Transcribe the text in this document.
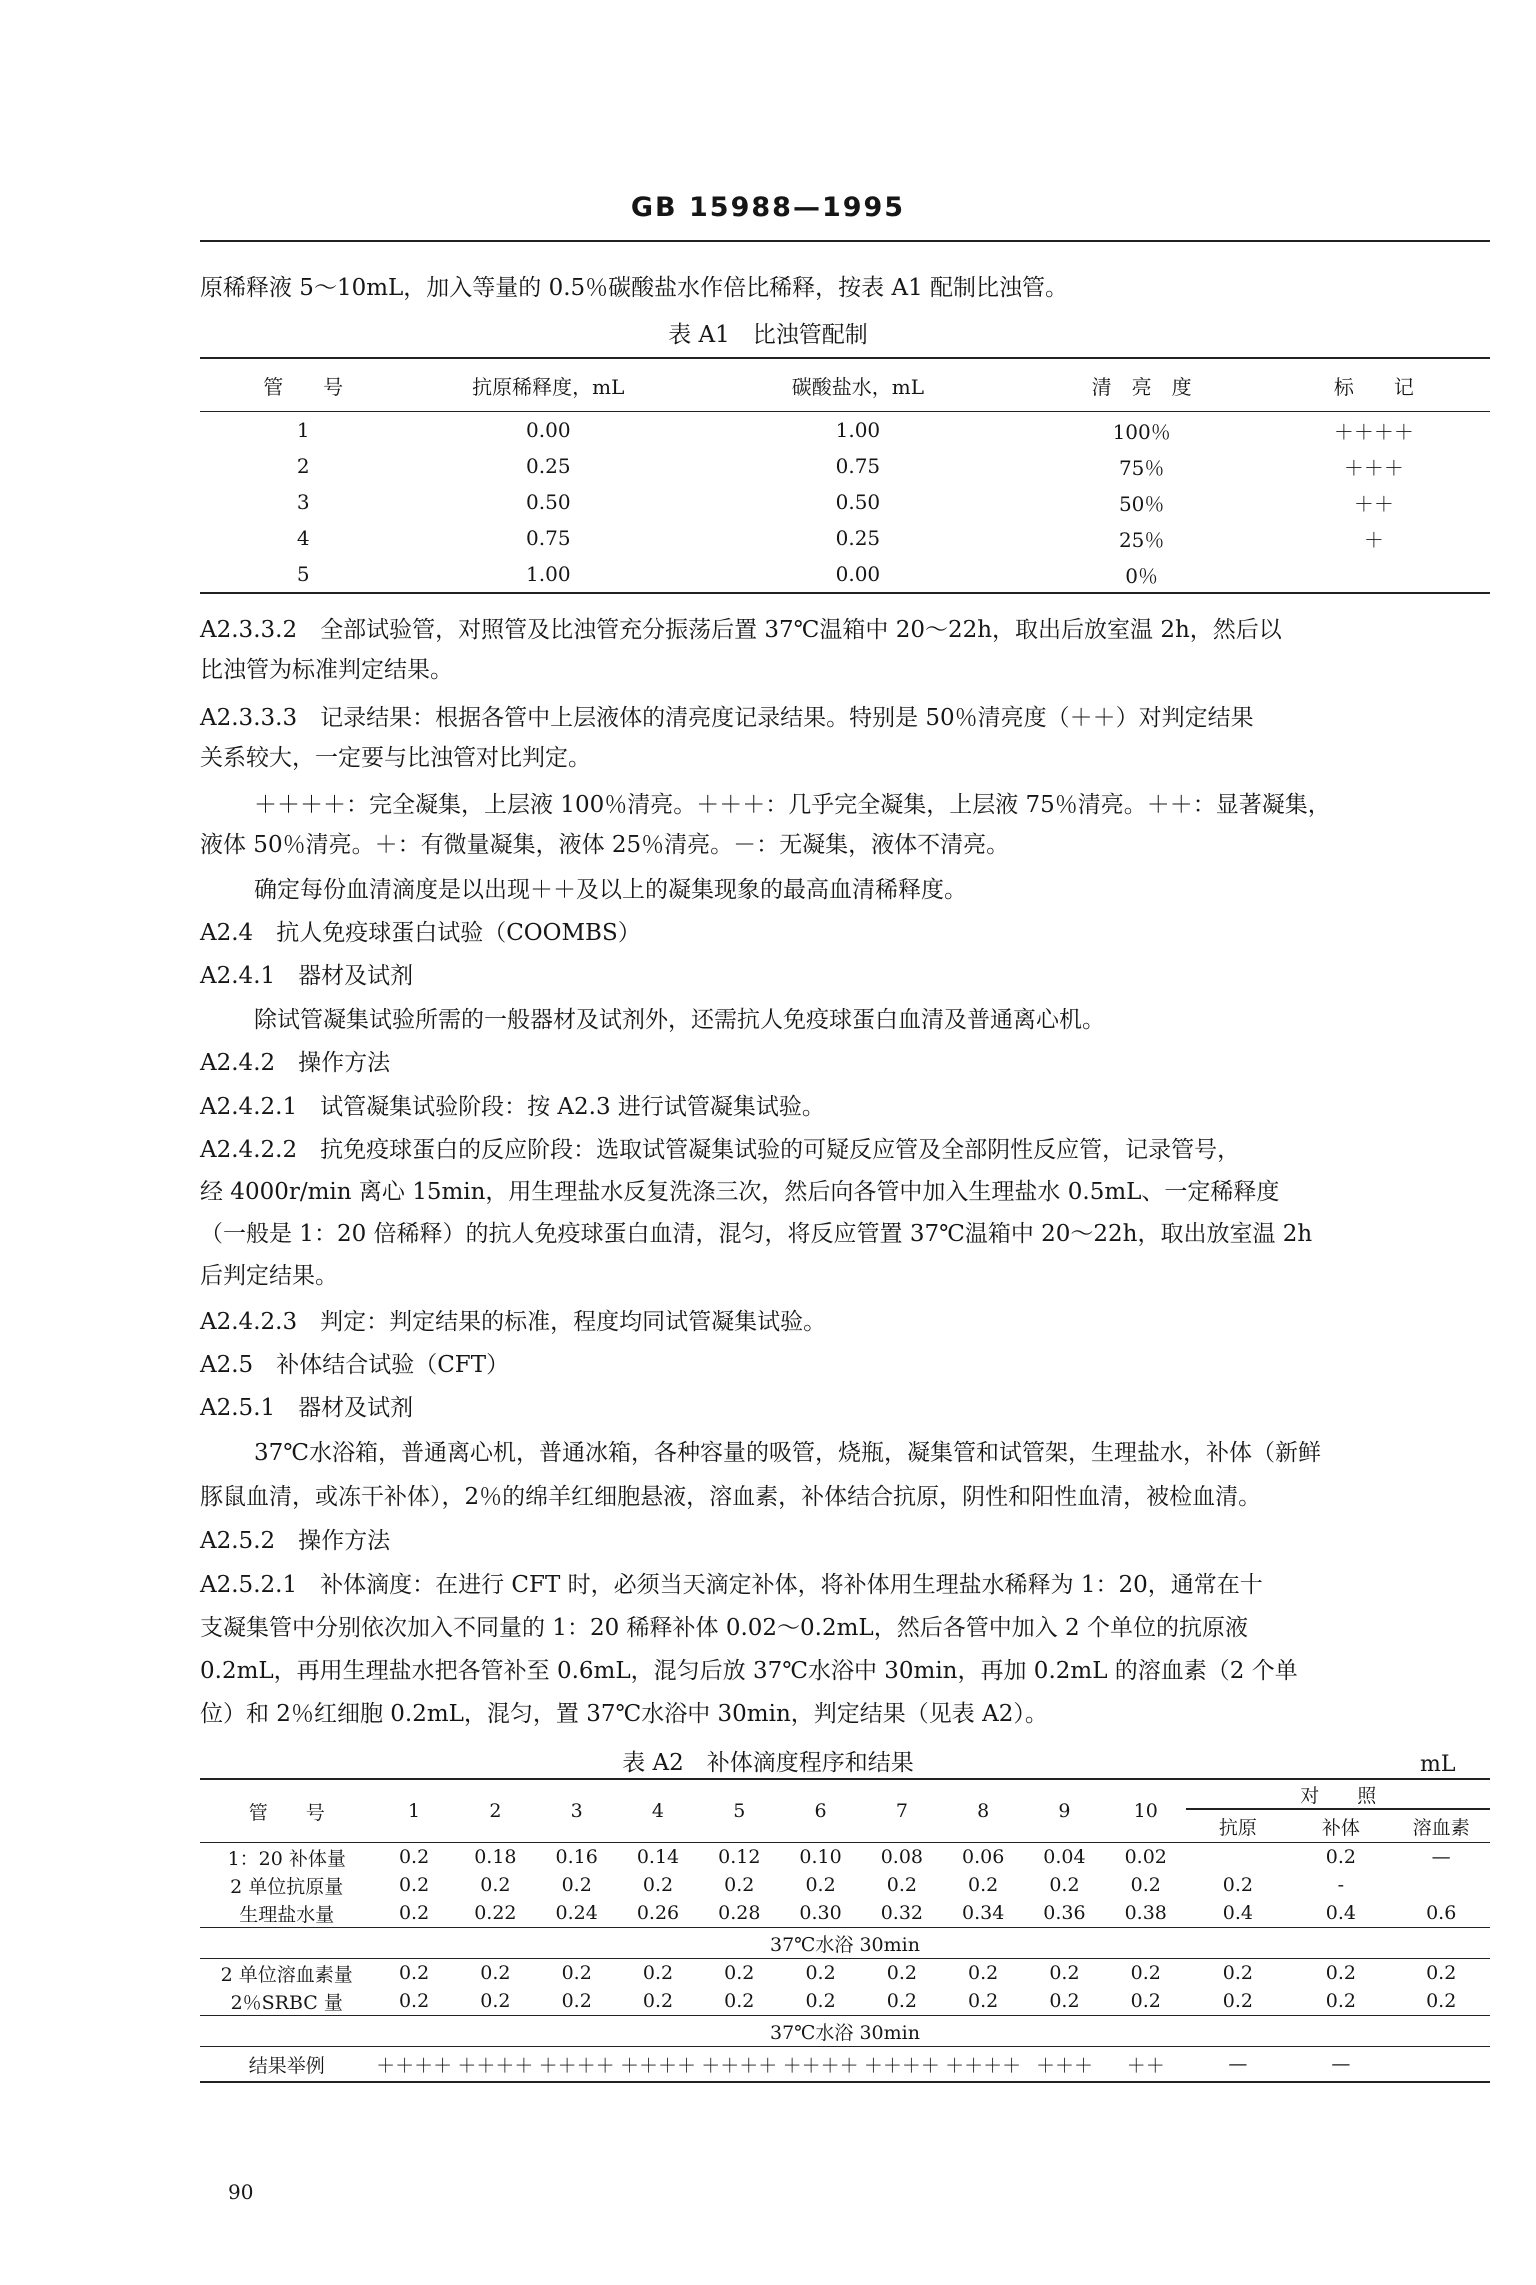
GB 15988—1995
原稀释液 5～10mL，加入等量的 0.5％碳酸盐水作倍比稀释，按表 A1 配制比浊管。
表 A1　比浊管配制
管　　号	抗原稀释度，mL	碳酸盐水，mL	清　亮　度	标　　记
1	0.00	1.00	100％	＋＋＋＋
2	0.25	0.75	75％	＋＋＋
3	0.50	0.50	50％	＋＋
4	0.75	0.25	25％	＋
5	1.00	0.00	0％	
A2.3.3.2　全部试验管，对照管及比浊管充分振荡后置 37℃温箱中 20～22h，取出后放室温 2h，然后以
比浊管为标准判定结果。
A2.3.3.3　记录结果：根据各管中上层液体的清亮度记录结果。特别是 50％清亮度（＋＋）对判定结果
关系较大，一定要与比浊管对比判定。
＋＋＋＋：完全凝集，上层液 100％清亮。＋＋＋：几乎完全凝集，上层液 75％清亮。＋＋：显著凝集，
液体 50％清亮。＋：有微量凝集，液体 25％清亮。－：无凝集，液体不清亮。
确定每份血清滴度是以出现＋＋及以上的凝集现象的最高血清稀释度。
A2.4　抗人免疫球蛋白试验（COOMBS）
A2.4.1　器材及试剂
除试管凝集试验所需的一般器材及试剂外，还需抗人免疫球蛋白血清及普通离心机。
A2.4.2　操作方法
A2.4.2.1　试管凝集试验阶段：按 A2.3 进行试管凝集试验。
A2.4.2.2　抗免疫球蛋白的反应阶段：选取试管凝集试验的可疑反应管及全部阴性反应管，记录管号，
经 4000r/min 离心 15min，用生理盐水反复洗涤三次，然后向各管中加入生理盐水 0.5mL、一定稀释度
（一般是 1：20 倍稀释）的抗人免疫球蛋白血清，混匀，将反应管置 37℃温箱中 20～22h，取出放室温 2h
后判定结果。
A2.4.2.3　判定：判定结果的标准，程度均同试管凝集试验。
A2.5　补体结合试验（CFT）
A2.5.1　器材及试剂
37℃水浴箱，普通离心机，普通冰箱，各种容量的吸管，烧瓶，凝集管和试管架，生理盐水，补体（新鲜
豚鼠血清，或冻干补体），2％的绵羊红细胞悬液，溶血素，补体结合抗原，阴性和阳性血清，被检血清。
A2.5.2　操作方法
A2.5.2.1　补体滴度：在进行 CFT 时，必须当天滴定补体，将补体用生理盐水稀释为 1：20，通常在十
支凝集管中分别依次加入不同量的 1：20 稀释补体 0.02～0.2mL，然后各管中加入 2 个单位的抗原液
0.2mL，再用生理盐水把各管补至 0.6mL，混匀后放 37℃水浴中 30min，再加 0.2mL 的溶血素（2 个单
位）和 2％红细胞 0.2mL，混匀，置 37℃水浴中 30min，判定结果（见表 A2）。
表 A2　补体滴度程序和结果	mL
管　　号	1	2	3	4	5	6	7	8	9	10	对　　照		
											抗原	补体	溶血素
1：20 补体量	0.2	0.18	0.16	0.14	0.12	0.10	0.08	0.06	0.04	0.02		0.2	—
2 单位抗原量	0.2	0.2	0.2	0.2	0.2	0.2	0.2	0.2	0.2	0.2	0.2	-	
生理盐水量	0.2	0.22	0.24	0.26	0.28	0.30	0.32	0.34	0.36	0.38	0.4	0.4	0.6
37℃水浴 30min													
2 单位溶血素量	0.2	0.2	0.2	0.2	0.2	0.2	0.2	0.2	0.2	0.2	0.2	0.2	0.2
2％SRBC 量	0.2	0.2	0.2	0.2	0.2	0.2	0.2	0.2	0.2	0.2	0.2	0.2	0.2
37℃水浴 30min													
结果举例	＋＋＋＋	＋＋＋＋	＋＋＋＋	＋＋＋＋	＋＋＋＋	＋＋＋＋	＋＋＋＋	＋＋＋＋	＋＋＋	＋＋	—	—	
90
